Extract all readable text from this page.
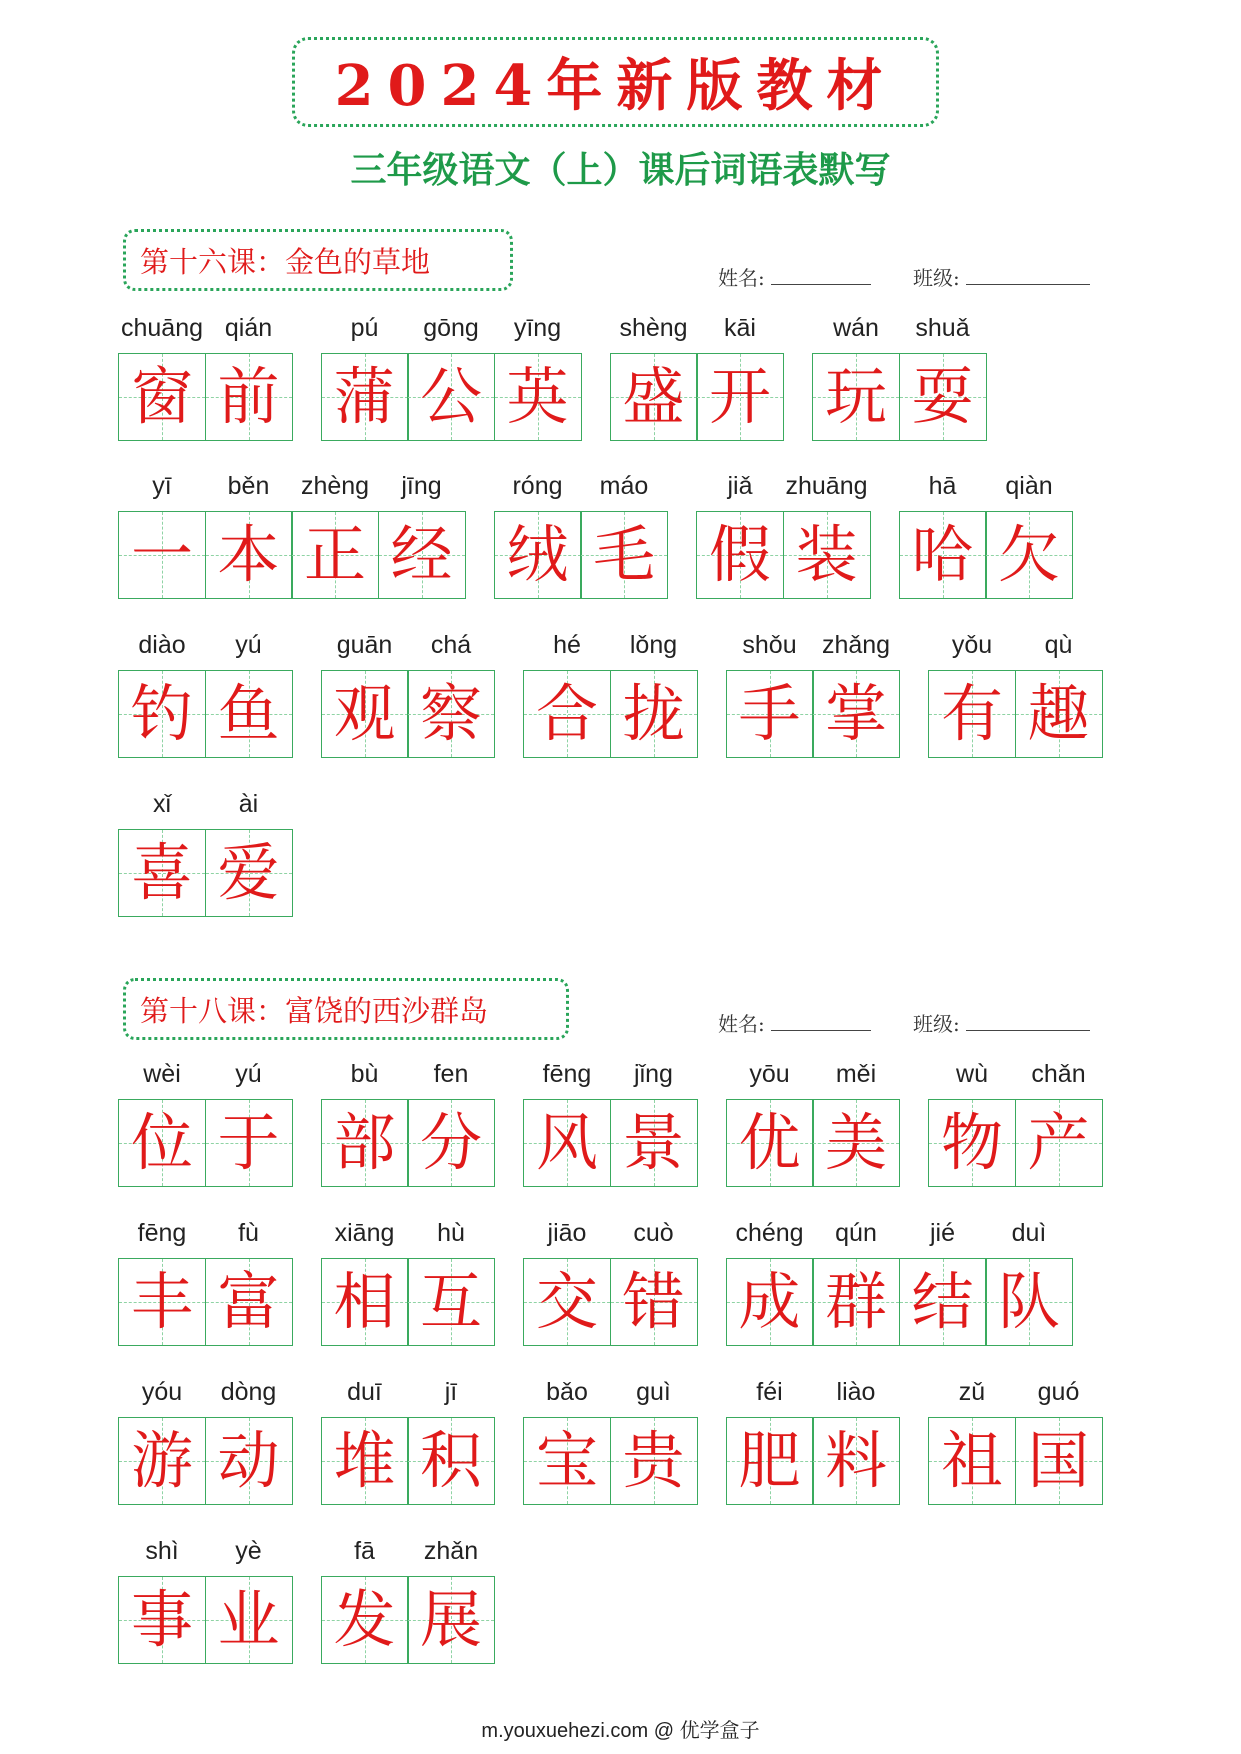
2024年新版教材
三年级语文（上）课后词语表默写
第十六课：金色的草地	姓名:	班级:
第十八课：富饶的西沙群岛	姓名:	班级:
chuāng qián
窗 前
pú	gōng	yīng
蒲 公 英
shèng	kāi
盛 开
wán	shuǎ
玩 耍
yī	běn	zhèng	jīng
一 本 正 经
róng	máo
绒 毛
jiǎ	zhuāng
假 装
hā	qiàn
哈 欠
diào	yú
钓 鱼
guān	chá
观 察
hé	lǒng
合 拢
shǒu	zhǎng
手 掌
yǒu	qù
有 趣
xǐ	ài
喜 爱
wèi	yú
位 于
bù	fen
部 分
fēng	jǐng
风 景
yōu	měi
优 美
wù	chǎn
物 产
fēng	fù
丰 富
xiāng	hù
相 互
jiāo	cuò
交 错
chéng	qún	jié	duì
成 群 结 队
yóu	dòng
游 动
duī	jī
堆 积
bǎo	guì
宝 贵
féi	liào
肥 料
zǔ	guó
祖 国
shì	yè
事 业
fā	zhǎn
发 展
m.youxuehezi.com @ 优学盒子
